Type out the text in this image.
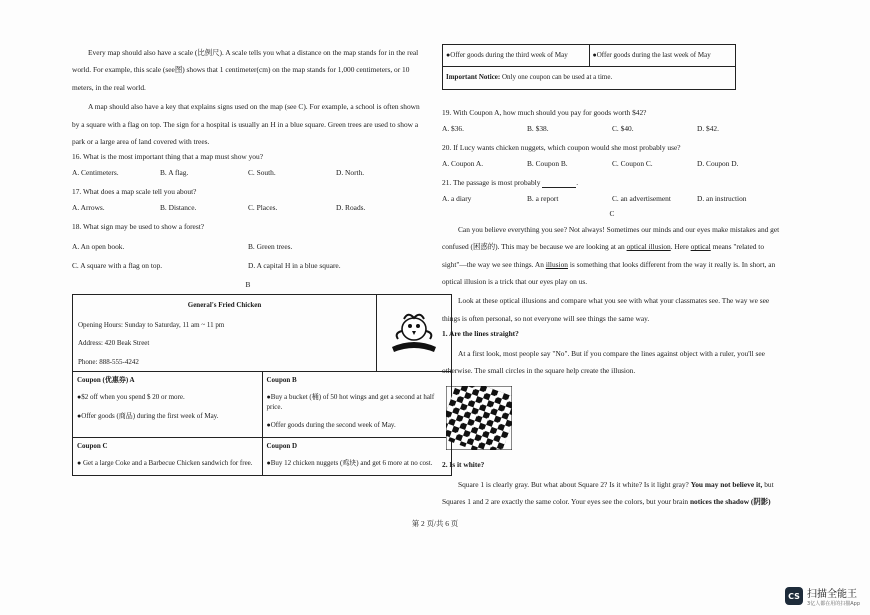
Every map should also have a scale (比例尺). A scale tells you what a distance on the map stands for in the real world. For example, this scale (see图) shows that 1 centimeter(cm) on the map stands for 1,000 centimeters, or 10 meters, in the real world.

A map should also have a key that explains signs used on the map (see C). For example, a school is often shown by a square with a flag on top. The sign for a hospital is usually an H in a blue square. Green trees are used to show a park or a large area of land covered with trees.

16. What is the most important thing that a map must show you?

A. Centimeters.	B. A flag.	C. South.	D. North.

17. What does a map scale tell you about?

A. Arrows.	B. Distance.	C. Places.	D. Roads.

18. What sign may be used to show a forest?

A. An open book.	B. Green trees.
C. A square with a flag on top.	D. A capital H in a blue square.
B
General's Fried Chicken
Opening Hours: Sunday to Saturday, 11 am ~ 11 pm
Address: 420 Beak Street
Phone: 888-555-4242
Coupon (优惠券) A
●$2 off when you spend $ 20 or more.
●Offer goods (商品) during the first week of May.
Coupon B
●Buy a bucket (桶) of 50 hot wings and get a second at half price.
●Offer goods during the second week of May.
Coupon C
● Get a large Coke and a Barbecue Chicken sandwich for free.
Coupon D
●Buy 12 chicken nuggets (鸡块) and get 6 more at no cost.
●Offer goods during the third week of May	●Offer goods during the last week of May
Important Notice: Only one coupon can be used at a time.

19. With Coupon A, how much should you pay for goods worth $42?

A. $36.	B. $38.	C. $40.	D. $42.

20. If Lucy wants chicken nuggets, which coupon would she most probably use?

A. Coupon A.	B. Coupon B.	C. Coupon C.	D. Coupon D.

21. The passage is most probably	.

A. a diary	B. a report	C. an advertisement	D. an instruction
C

Can you believe everything you see? Not always! Sometimes our minds and our eyes make mistakes and get confused (困惑的). This may be because we are looking at an optical illusion. Here optical means "related to sight"—the way we see things. An illusion is something that looks different from the way it really is. In short, an optical illusion is a trick that our eyes play on us.

Look at these optical illusions and compare what you see with what your classmates see. The way we see things is often personal, so not everyone will see things the same way.

1. Are the lines straight?

At a first look, most people say "No". But if you compare the lines against object with a ruler, you'll see otherwise. The small circles in the square help create the illusion.

2. Is it white?

Square 1 is clearly gray. But what about Square 2? Is it white? Is it light gray? You may not believe it, but Squares 1 and 2 are exactly the same color. Your eyes see the colors, but your brain notices the shadow (阴影)

第 2 页/共 6 页
CS 扫描全能王
3亿人都在用的扫描App
